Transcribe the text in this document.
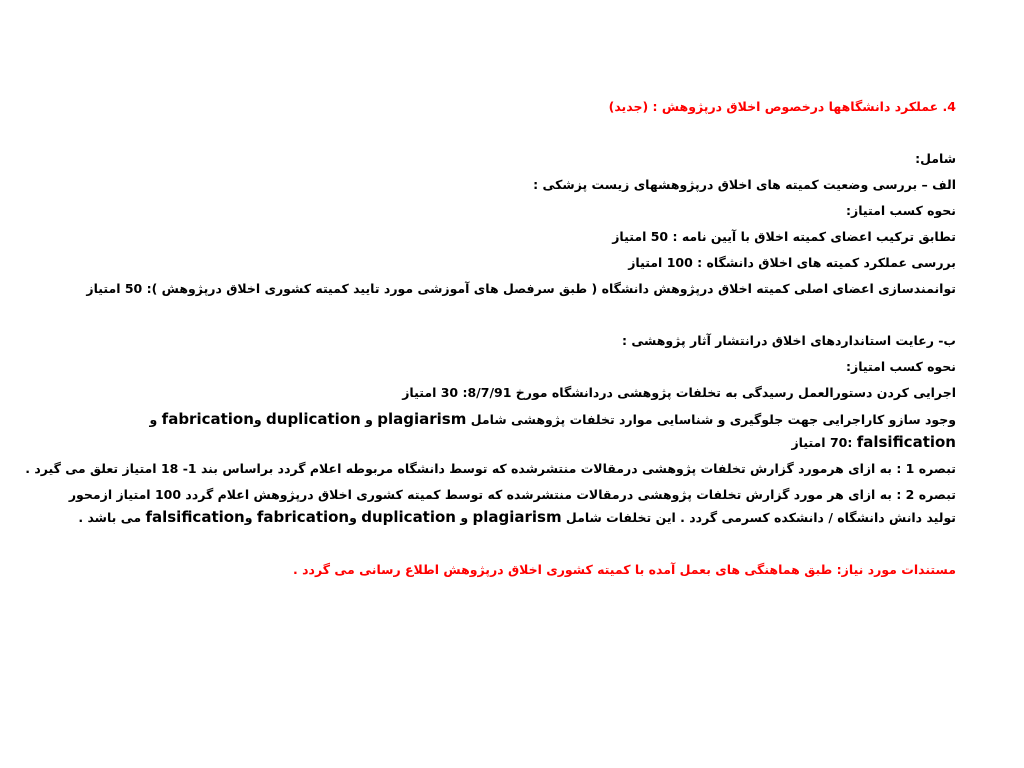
4. عملکرد دانشگاهها درخصوص اخلاق درپژوهش : (جدید)
شامل:
الف – بررسی وضعیت کمیته های اخلاق درپژوهشهای زیست پزشکی :
نحوه کسب امتیاز:
تطابق ترکیب اعضای کمیته اخلاق با آیین نامه : 50 امتیاز
بررسی عملکرد کمیته های اخلاق دانشگاه : 100 امتیاز
توانمندسازی اعضای اصلی کمیته اخلاق درپژوهش دانشگاه ( طبق سرفصل های آموزشی مورد تایید کمیته کشوری اخلاق درپژوهش ): 50 امتیاز
ب- رعایت استانداردهای اخلاق درانتشار آثار پژوهشی :
نحوه کسب امتیاز:
اجرایی کردن دستورالعمل رسیدگی به تخلفات پژوهشی دردانشگاه مورخ 8/7/91: 30 امتیاز
وجود سازو کاراجرایی جهت جلوگیری و شناسایی موارد تخلفات پژوهشی شامل plagiarism و duplication وfabrication و falsification :70 امتیاز
تبصره 1 : به ازای هرمورد گزارش تخلفات پژوهشی درمقالات منتشرشده که توسط دانشگاه مربوطه اعلام گردد براساس بند 1- 18 امتیاز تعلق می گیرد .
تبصره 2 : به ازای هر مورد گزارش تخلفات پژوهشی درمقالات منتشرشده که توسط کمیته کشوری اخلاق درپژوهش اعلام گردد 100 امتیاز ازمحور تولید دانش دانشگاه / دانشکده کسرمی گردد . این تخلفات شامل plagiarism و duplication وfabrication وfalsification می باشد .
مستندات مورد نیاز: طبق هماهنگی های بعمل آمده با کمیته کشوری اخلاق درپژوهش اطلاع رسانی می گردد .
